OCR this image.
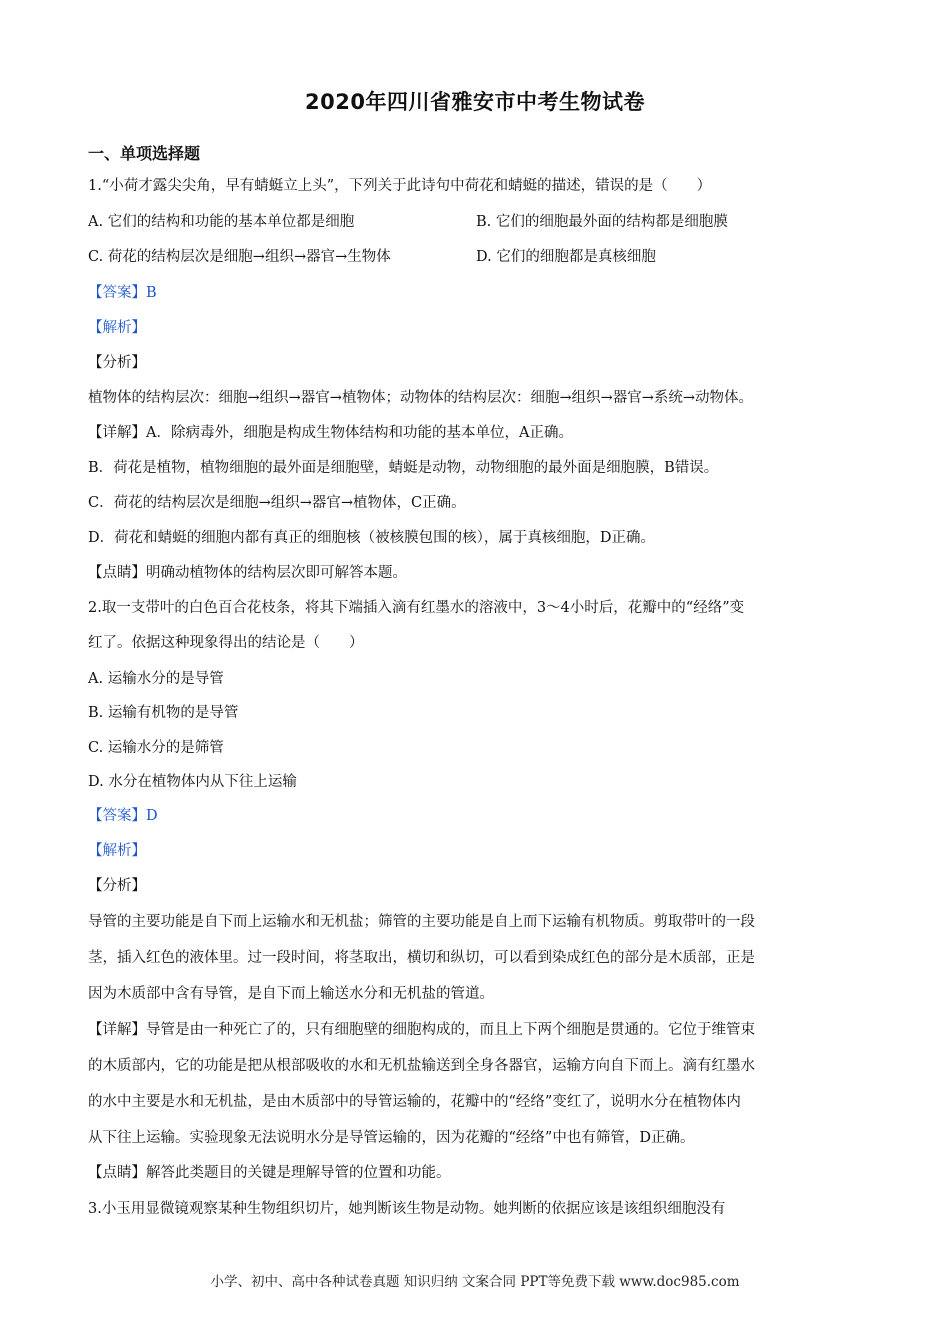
2020年四川省雅安市中考生物试卷
一、单项选择题
1.“小荷才露尖尖角，早有蜻蜓立上头”，下列关于此诗句中荷花和蜻蜓的描述，错误的是（　　）
A. 它们的结构和功能的基本单位都是细胞	B. 它们的细胞最外面的结构都是细胞膜
C. 荷花的结构层次是细胞→组织→器官→生物体	D. 它们的细胞都是真核细胞
【答案】B
【解析】
【分析】
植物体的结构层次：细胞→组织→器官→植物体；动物体的结构层次：细胞→组织→器官→系统→动物体。
【详解】A．除病毒外，细胞是构成生物体结构和功能的基本单位，A正确。
B．荷花是植物，植物细胞的最外面是细胞壁，蜻蜓是动物，动物细胞的最外面是细胞膜，B错误。
C．荷花的结构层次是细胞→组织→器官→植物体，C正确。
D．荷花和蜻蜓的细胞内都有真正的细胞核（被核膜包围的核），属于真核细胞，D正确。
【点睛】明确动植物体的结构层次即可解答本题。
2.取一支带叶的白色百合花枝条，将其下端插入滴有红墨水的溶液中，3～4小时后，花瓣中的“经络”变
红了。依据这种现象得出的结论是（　　）
A. 运输水分的是导管
B. 运输有机物的是导管
C. 运输水分的是筛管
D. 水分在植物体内从下往上运输
【答案】D
【解析】
【分析】
导管的主要功能是自下而上运输水和无机盐；筛管的主要功能是自上而下运输有机物质。剪取带叶的一段
茎，插入红色的液体里。过一段时间，将茎取出，横切和纵切，可以看到染成红色的部分是木质部，正是
因为木质部中含有导管，是自下而上输送水分和无机盐的管道。
【详解】导管是由一种死亡了的，只有细胞壁的细胞构成的，而且上下两个细胞是贯通的。它位于维管束
的木质部内，它的功能是把从根部吸收的水和无机盐输送到全身各器官，运输方向自下而上。滴有红墨水
的水中主要是水和无机盐，是由木质部中的导管运输的，花瓣中的“经络”变红了，说明水分在植物体内
从下往上运输。实验现象无法说明水分是导管运输的，因为花瓣的“经络”中也有筛管，D正确。
【点睛】解答此类题目的关键是理解导管的位置和功能。
3.小玉用显微镜观察某种生物组织切片，她判断该生物是动物。她判断的依据应该是该组织细胞没有
小学、初中、高中各种试卷真题 知识归纳 文案合同 PPT等免费下载 www.doc985.com
